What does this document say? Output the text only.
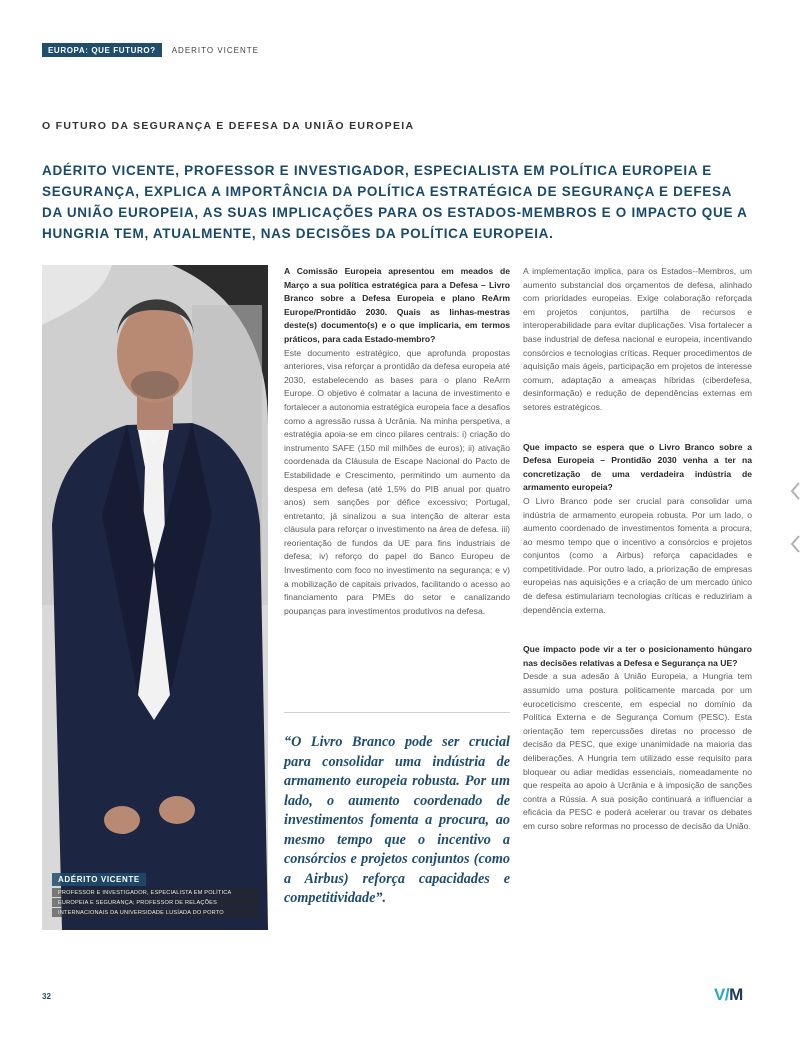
EUROPA: QUE FUTURO?	ADERITO VICENTE
O FUTURO DA SEGURANÇA E DEFESA DA UNIÃO EUROPEIA
ADÉRITO VICENTE, PROFESSOR E INVESTIGADOR, ESPECIALISTA EM POLÍTICA EUROPEIA E SEGURANÇA, EXPLICA A IMPORTÂNCIA DA POLÍTICA ESTRATÉGICA DE SEGURANÇA E DEFESA DA UNIÃO EUROPEIA, AS SUAS IMPLICAÇÕES PARA OS ESTADOS-MEMBROS E O IMPACTO QUE A HUNGRIA TEM, ATUALMENTE, NAS DECISÕES DA POLÍTICA EUROPEIA.
ADÉRITO VICENTE
PROFESSOR E INVESTIGADOR, ESPECIALISTA EM POLÍTICA
EUROPEIA E SEGURANÇA; PROFESSOR DE RELAÇÕES
INTERNACIONAIS DA UNIVERSIDADE LUSÍADA DO PORTO

A Comissão Europeia apresentou em meados de Março a sua política estratégica para a Defesa – Livro Branco sobre a Defesa Europeia e plano ReArm Europe/Prontidão 2030. Quais as linhas-mestras deste(s) documento(s) e o que implicaria, em termos práticos, para cada Estado-membro?

Este documento estratégico, que aprofunda propostas anteriores, visa reforçar a prontidão da defesa europeia até 2030, estabelecendo as bases para o plano ReArm Europe. O objetivo é colmatar a lacuna de investimento e fortalecer a autonomia estratégica europeia face a desafios como a agressão russa à Ucrânia. Na minha perspetiva, a estratégia apoia-se em cinco pilares centrais: i) criação do instrumento SAFE (150 mil milhões de euros); ii) ativação coordenada da Cláusula de Escape Nacional do Pacto de Estabilidade e Crescimento, permitindo um aumento da despesa em defesa (até 1,5% do PIB anual por quatro anos) sem sanções por défice excessivo; Portugal, entretanto, já sinalizou a sua intenção de alterar esta cláusula para reforçar o investimento na área de defesa. iii) reorientação de fundos da UE para fins industriais de defesa; iv) reforço do papel do Banco Europeu de Investimento com foco no investimento na segurança; e v) a mobilização de capitais privados, facilitando o acesso ao financiamento para PMEs do setor e canalizando poupanças para investimentos produtivos na defesa.

“O Livro Branco pode ser crucial para consolidar uma indústria de armamento europeia robusta. Por um lado, o aumento coordenado de investimentos fomenta a procura, ao mesmo tempo que o incentivo a consórcios e projetos conjuntos (como a Airbus) reforça capacidades e competitividade”.

A implementação implica, para os Estados--Membros, um aumento substancial dos orçamentos de defesa, alinhado com prioridades europeias. Exige colaboração reforçada em projetos conjuntos, partilha de recursos e interoperabilidade para evitar duplicações. Visa fortalecer a base industrial de defesa nacional e europeia, incentivando consórcios e tecnologias críticas. Requer procedimentos de aquisição mais ágeis, participação em projetos de interesse comum, adaptação a ameaças híbridas (ciberdefesa, desinformação) e redução de dependências externas em setores estratégicos.

Que impacto se espera que o Livro Branco sobre a Defesa Europeia – Prontidão 2030 venha a ter na concretização de uma verdadeira indústria de armamento europeia?

O Livro Branco pode ser crucial para consolidar uma indústria de armamento europeia robusta. Por um lado, o aumento coordenado de investimentos fomenta a procura, ao mesmo tempo que o incentivo a consórcios e projetos conjuntos (como a Airbus) reforça capacidades e competitividade. Por outro lado, a priorização de empresas europeias nas aquisições e a criação de um mercado único de defesa estimulariam tecnologias críticas e reduziriam a dependência externa.

Que impacto pode vir a ter o posicionamento húngaro nas decisões relativas a Defesa e Segurança na UE?

Desde a sua adesão à União Europeia, a Hungria tem assumido uma postura politicamente marcada por um euroceticismo crescente, em especial no domínio da Política Externa e de Segurança Comum (PESC). Esta orientação tem repercussões diretas no processo de decisão da PESC, que exige unanimidade na maioria das deliberações. A Hungria tem utilizado esse requisito para bloquear ou adiar medidas essenciais, nomeadamente no que respeita ao apoio à Ucrânia e à imposição de sanções contra a Rússia. A sua posição continuará a influenciar a eficácia da PESC e poderá acelerar ou travar os debates em curso sobre reformas no processo de decisão da União.

32	V/M
